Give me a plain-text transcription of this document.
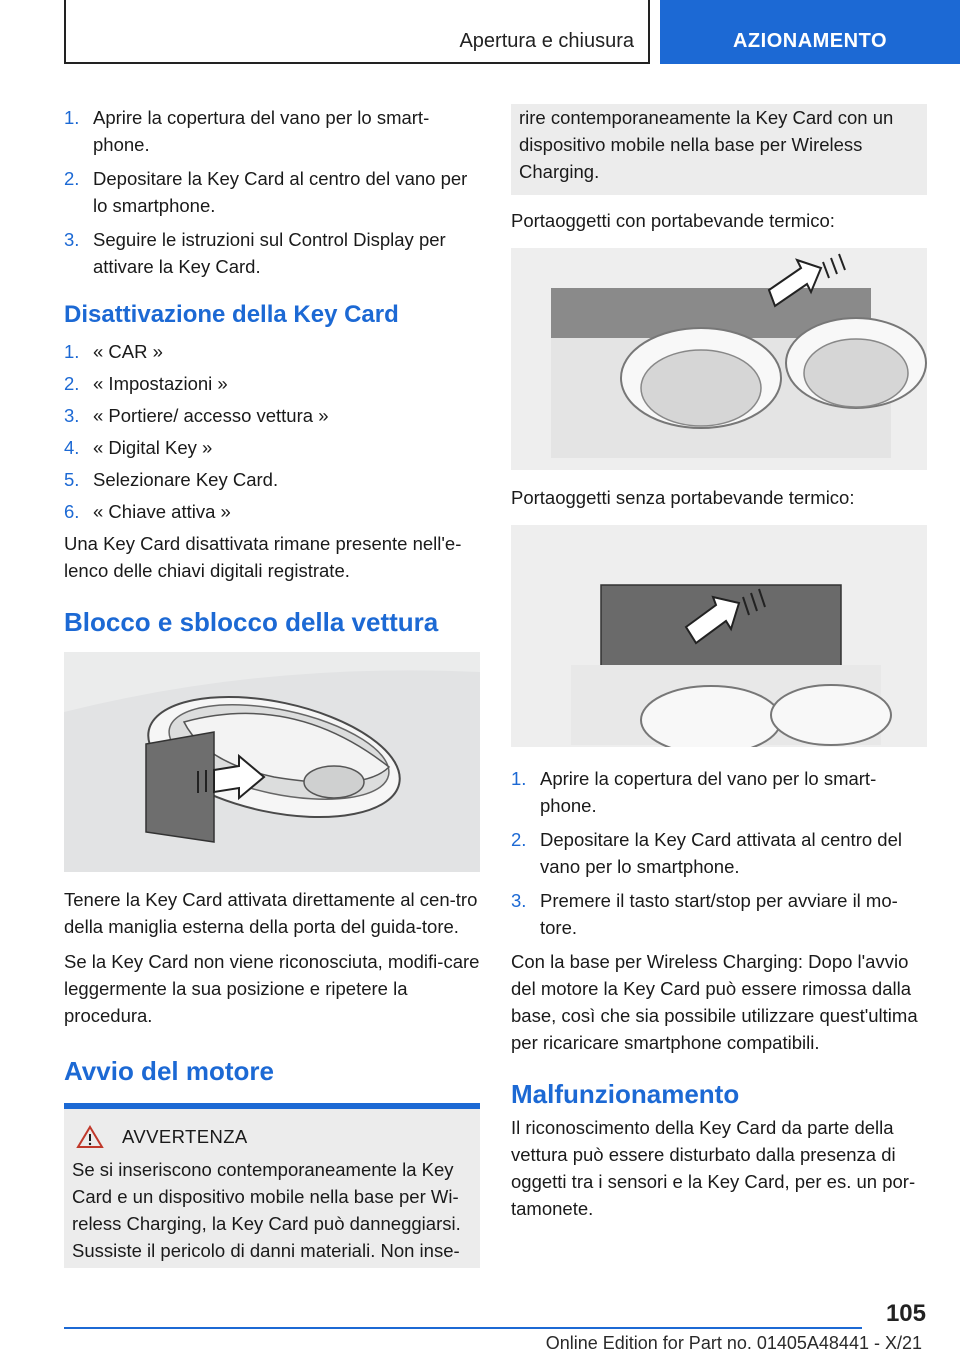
Apertura e chiusura	AZIONAMENTO
1. Aprire la copertura del vano per lo smart‐phone.
2. Depositare la Key Card al centro del vano per lo smartphone.
3. Seguire le istruzioni sul Control Display per attivare la Key Card.
Disattivazione della Key Card
1. « CAR »
2. « Impostazioni »
3. « Portiere/ accesso vettura »
4. « Digital Key »
5. Selezionare Key Card.
6. « Chiave attiva »

Una Key Card disattivata rimane presente nell'e‐lenco delle chiavi digitali registrate.

Blocco e sblocco della vettura

Tenere la Key Card attivata direttamente al cen‐tro della maniglia esterna della porta del guida‐tore.

Se la Key Card non viene riconosciuta, modifi‐care leggermente la sua posizione e ripetere la procedura.

Avvio del motore
AVVERTENZA

Se si inseriscono contemporaneamente la Key Card e un dispositivo mobile nella base per Wi‐reless Charging, la Key Card può danneggiarsi. Sussiste il pericolo di danni materiali. Non inse‐

rire contemporaneamente la Key Card con un dispositivo mobile nella base per Wireless Charging.

Portaoggetti con portabevande termico:

Portaoggetti senza portabevande termico:

1. Aprire la copertura del vano per lo smart‐phone.
2. Depositare la Key Card attivata al centro del vano per lo smartphone.
3. Premere il tasto start/stop per avviare il mo‐tore.

Con la base per Wireless Charging: Dopo l'avvio del motore la Key Card può essere rimossa dalla base, così che sia possibile utilizzare quest'ultima per ricaricare smartphone compatibili.

Malfunzionamento

Il riconoscimento della Key Card da parte della vettura può essere disturbato dalla presenza di oggetti tra i sensori e la Key Card, per es. un por‐tamonete.

105
Online Edition for Part no. 01405A48441 - X/21
